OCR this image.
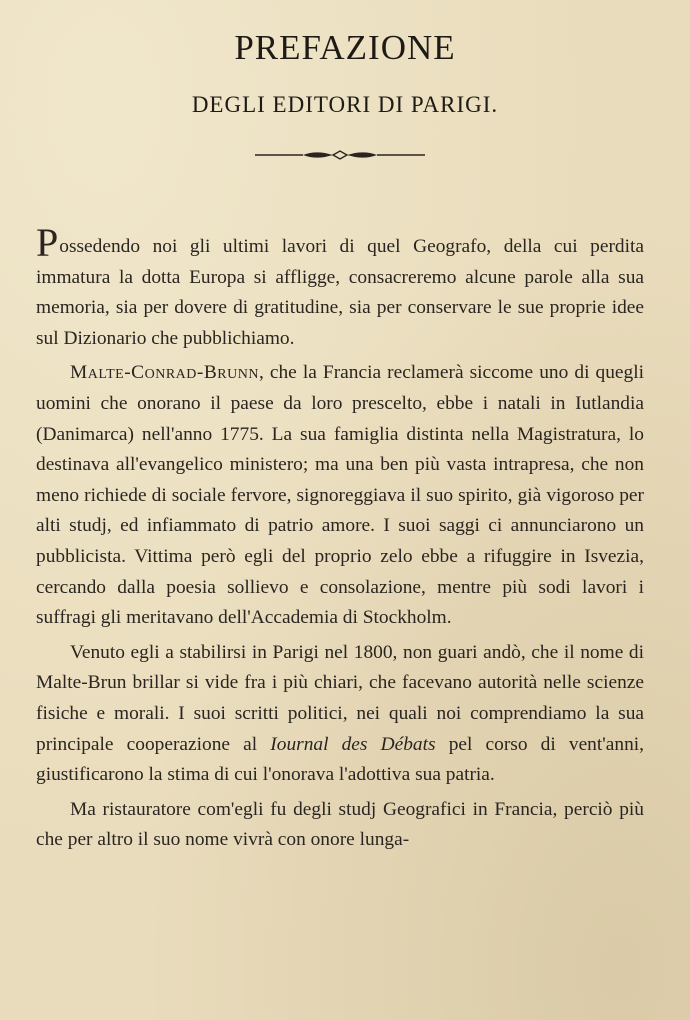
PREFAZIONE
DEGLI EDITORI DI PARIGI.

Possedendo noi gli ultimi lavori di quel Geografo, della cui perdita immatura la dotta Europa si affligge, consacreremo alcune parole alla sua memoria, sia per dovere di gratitudine, sia per conservare le sue proprie idee sul Dizionario che pubblichiamo.

Malte-Conrad-Brunn, che la Francia reclamerà siccome uno di quegli uomini che onorano il paese da loro prescelto, ebbe i natali in Iutlandia (Danimarca) nell'anno 1775. La sua famiglia distinta nella Magistratura, lo destinava all'evangelico ministero; ma una ben più vasta intrapresa, che non meno richiede di sociale fervore, signoreggiava il suo spirito, già vigoroso per alti studj, ed infiammato di patrio amore. I suoi saggi ci annunciarono un pubblicista. Vittima però egli del proprio zelo ebbe a rifuggire in Isvezia, cercando dalla poesia sollievo e consolazione, mentre più sodi lavori i suffragi gli meritavano dell'Accademia di Stockholm.

Venuto egli a stabilirsi in Parigi nel 1800, non guari andò, che il nome di Malte-Brun brillar si vide fra i più chiari, che facevano autorità nelle scienze fisiche e morali. I suoi scritti politici, nei quali noi comprendiamo la sua principale cooperazione al Iournal des Débats pel corso di vent'anni, giustificarono la stima di cui l'onorava l'adottiva sua patria.

Ma ristauratore com'egli fu degli studj Geografici in Francia, perciò più che per altro il suo nome vivrà con onore lunga-
